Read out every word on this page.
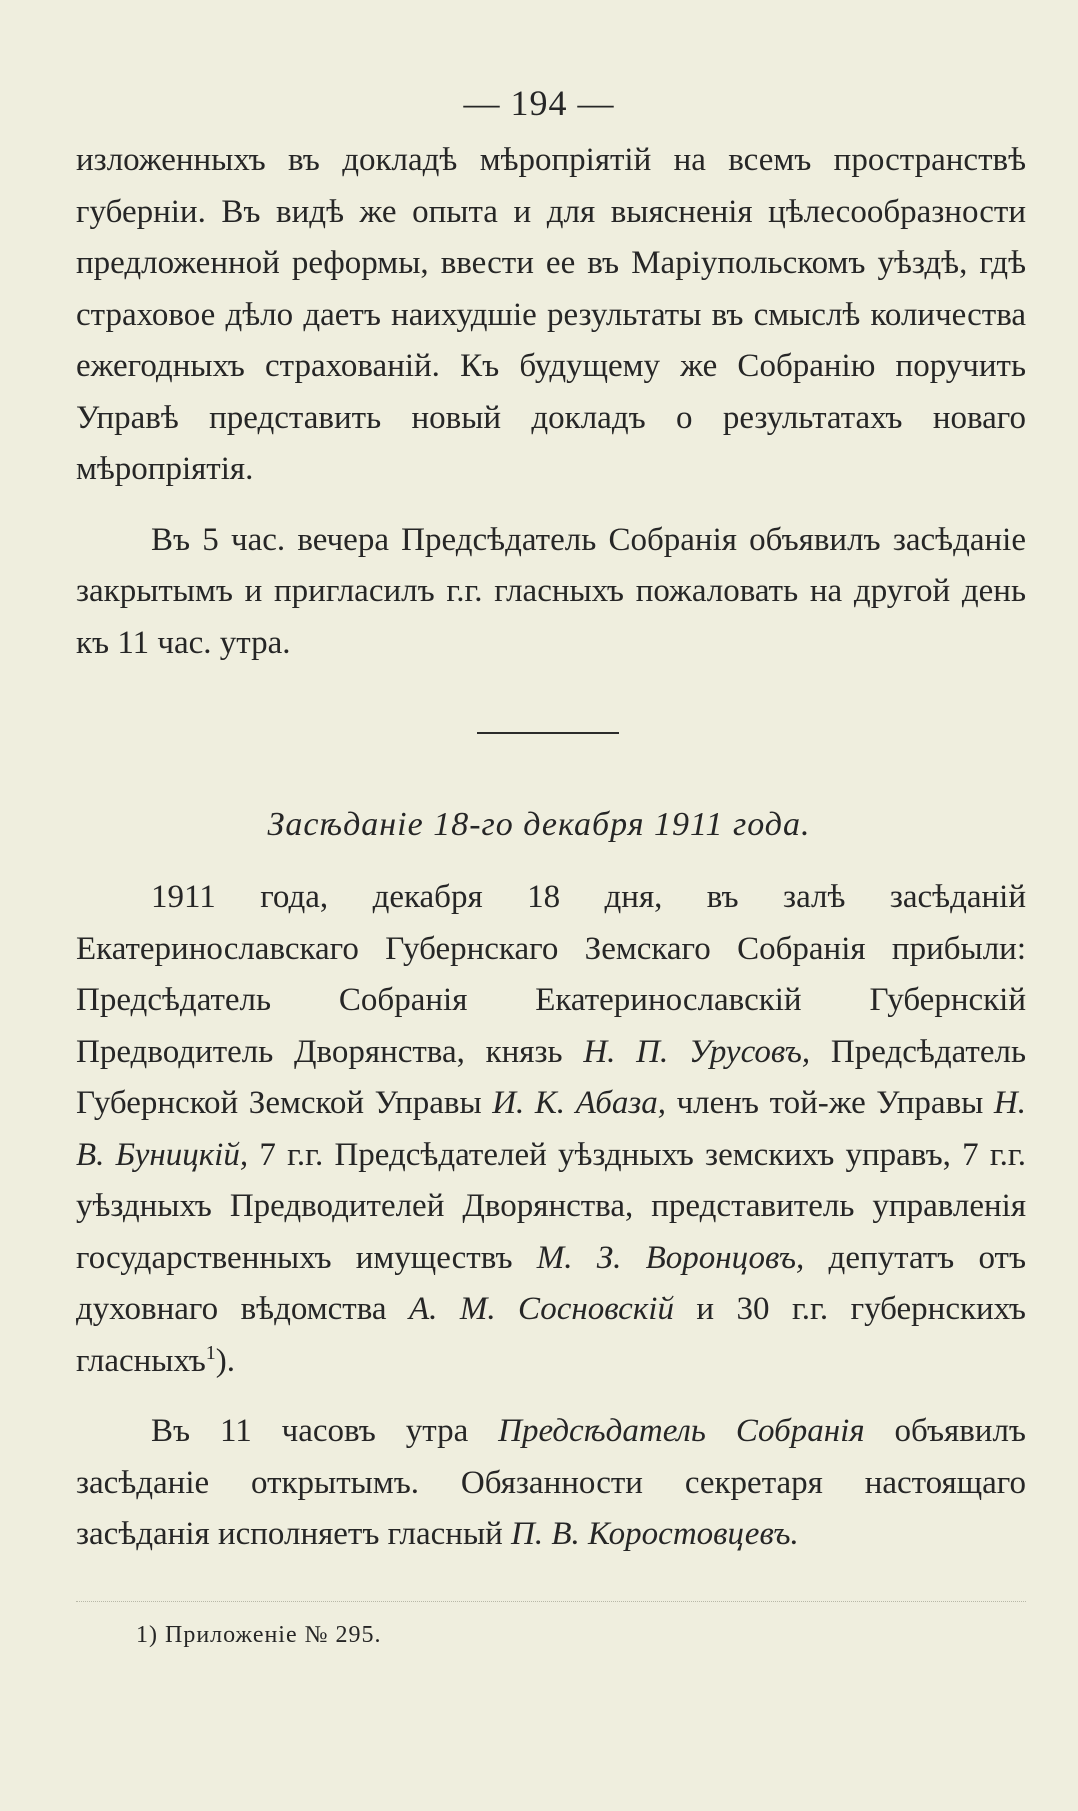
— 194 —

изложенныхъ въ докладѣ мѣропріятій на всемъ пространствѣ губерніи. Въ видѣ же опыта и для выясненія цѣлесообразности предложенной реформы, ввести ее въ Маріупольскомъ уѣздѣ, гдѣ страховое дѣло даетъ наихудшіе результаты въ смыслѣ количества ежегодныхъ страхованій. Къ будущему же Собранію поручить Управѣ представить новый докладъ о результатахъ новаго мѣропріятія.

Въ 5 час. вечера Предсѣдатель Собранія объявилъ засѣданіе закрытымъ и пригласилъ г.г. гласныхъ пожаловать на другой день къ 11 час. утра.

Засѣданіе 18-го декабря 1911 года.

1911 года, декабря 18 дня, въ залѣ засѣданій Екатеринославскаго Губернскаго Земскаго Собранія прибыли: Предсѣдатель Собранія Екатеринославскій Губернскій Предводитель Дворянства, князь Н. П. Урусовъ, Предсѣдатель Губернской Земской Управы И. К. Абаза, членъ той-же Управы Н. В. Буницкій, 7 г.г. Предсѣдателей уѣздныхъ земскихъ управъ, 7 г.г. уѣздныхъ Предводителей Дворянства, представитель управленія государственныхъ имуществъ М. З. Воронцовъ, депутатъ отъ духовнаго вѣдомства А. М. Сосновскій и 30 г.г. губернскихъ гласныхъ$^1$).

Въ 11 часовъ утра Предсѣдатель Собранія объявилъ засѣданіе открытымъ. Обязанности секретаря настоящаго засѣданія исполняетъ гласный П. В. Коростовцевъ.

1) Приложеніе № 295.
